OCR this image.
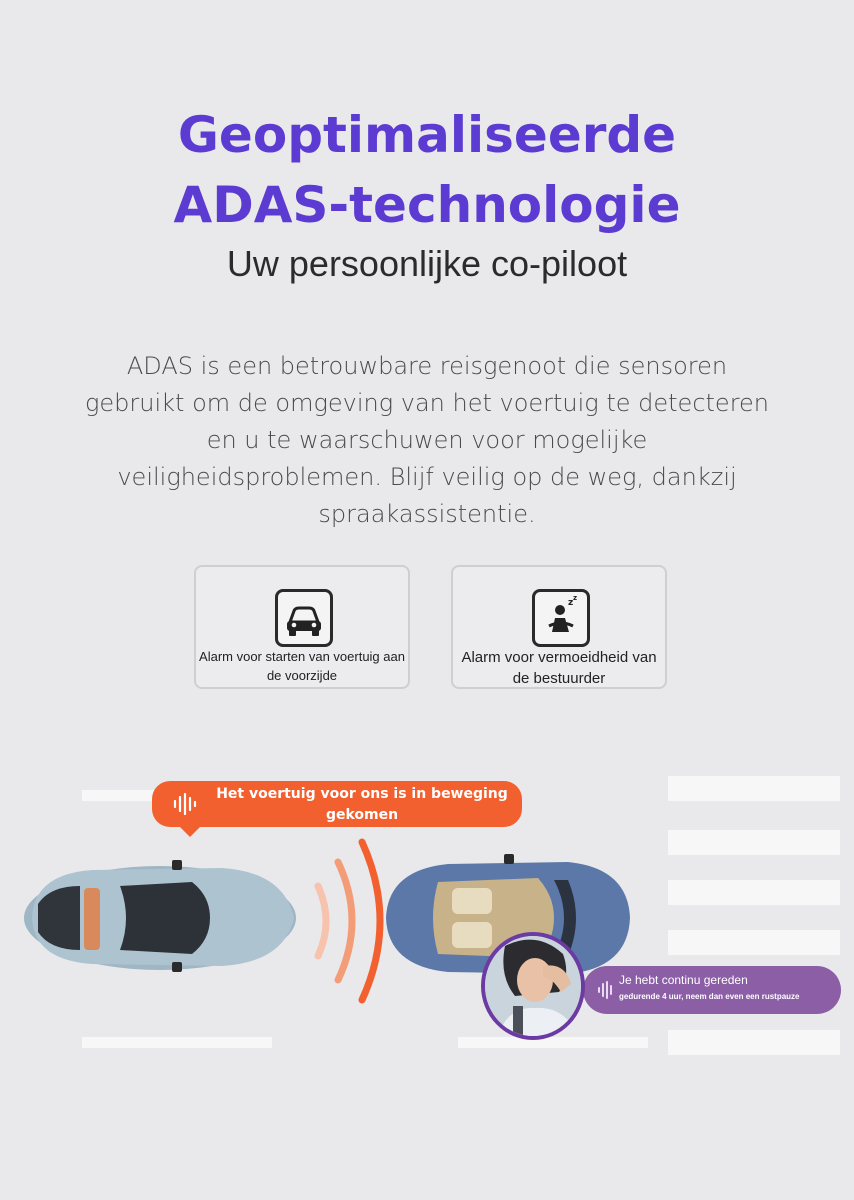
Geoptimaliseerde
ADAS-technologie
Uw persoonlijke co-piloot

ADAS is een betrouwbare reisgenoot die sensoren gebruikt om de omgeving van het voertuig te detecteren en u te waarschuwen voor mogelijke veiligheidsproblemen. Blijf veilig op de weg, dankzij spraakassistentie.

Alarm voor starten van voertuig aan de voorzijde
z z
Alarm voor vermoeidheid van de bestuurder
Het voertuig voor ons is in beweging gekomen
Je hebt continu gereden
gedurende 4 uur, neem dan even een rustpauze
